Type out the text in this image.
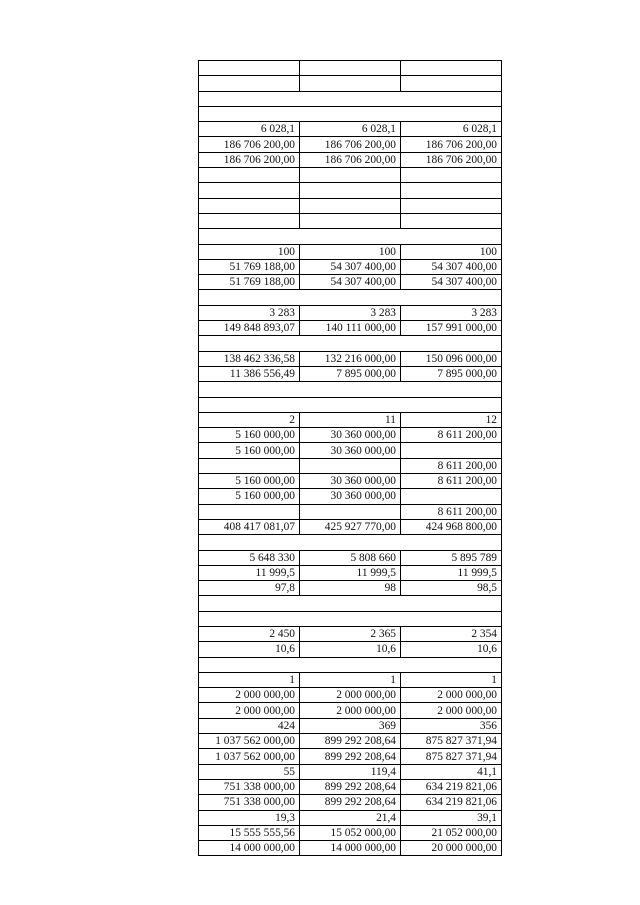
6 028,1	6 028,1	6 028,1
186 706 200,00	186 706 200,00	186 706 200,00
186 706 200,00	186 706 200,00	186 706 200,00

100	100	100
51 769 188,00	54 307 400,00	54 307 400,00
51 769 188,00	54 307 400,00	54 307 400,00

3 283	3 283	3 283
149 848 893,07	140 111 000,00	157 991 000,00

138 462 336,58	132 216 000,00	150 096 000,00
11 386 556,49	7 895 000,00	7 895 000,00

2	11	12
5 160 000,00	30 360 000,00	8 611 200,00
5 160 000,00	30 360 000,00	
		8 611 200,00
5 160 000,00	30 360 000,00	8 611 200,00
5 160 000,00	30 360 000,00	
		8 611 200,00
408 417 081,07	425 927 770,00	424 968 800,00

5 648 330	5 808 660	5 895 789
11 999,5	11 999,5	11 999,5
97,8	98	98,5

2 450	2 365	2 354
10,6	10,6	10,6

1	1	1
2 000 000,00	2 000 000,00	2 000 000,00
2 000 000,00	2 000 000,00	2 000 000,00
424	369	356
1 037 562 000,00	899 292 208,64	875 827 371,94
1 037 562 000,00	899 292 208,64	875 827 371,94
55	119,4	41,1
751 338 000,00	899 292 208,64	634 219 821,06
751 338 000,00	899 292 208,64	634 219 821,06
19,3	21,4	39,1
15 555 555,56	15 052 000,00	21 052 000,00
14 000 000,00	14 000 000,00	20 000 000,00
